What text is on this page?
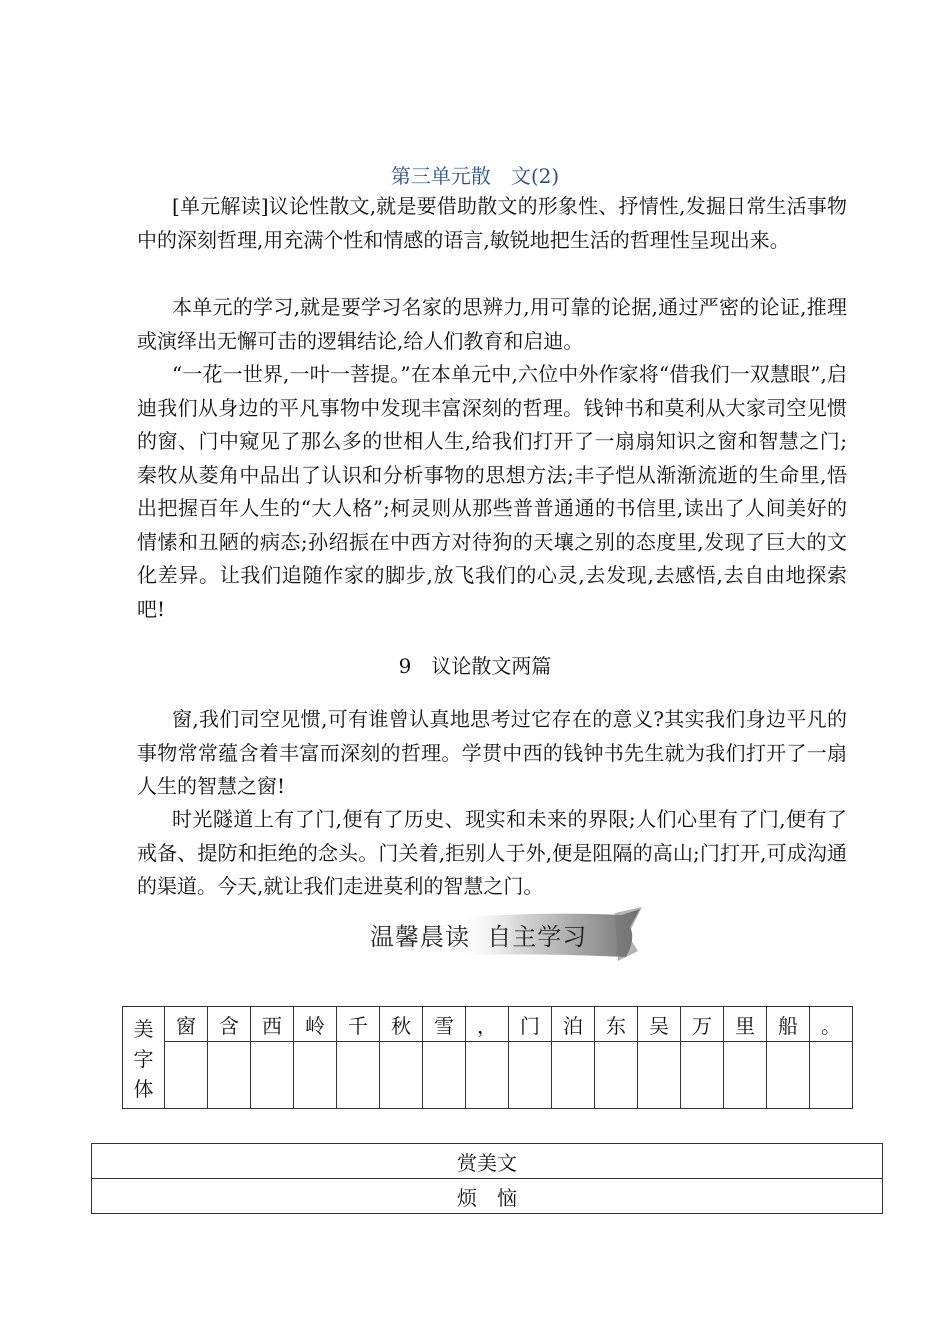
第三单元散　文(2)

[单元解读]议论性散文,就是要借助散文的形象性、抒情性,发掘日常生活事物中的深刻哲理,用充满个性和情感的语言,敏锐地把生活的哲理性呈现出来。

本单元的学习,就是要学习名家的思辨力,用可靠的论据,通过严密的论证,推理或演绎出无懈可击的逻辑结论,给人们教育和启迪。

“一花一世界,一叶一菩提。”在本单元中,六位中外作家将“借我们一双慧眼”,启迪我们从身边的平凡事物中发现丰富深刻的哲理。钱钟书和莫利从大家司空见惯的窗、门中窥见了那么多的世相人生,给我们打开了一扇扇知识之窗和智慧之门;秦牧从菱角中品出了认识和分析事物的思想方法;丰子恺从渐渐流逝的生命里,悟出把握百年人生的“大人格”;柯灵则从那些普普通通的书信里,读出了人间美好的情愫和丑陋的病态;孙绍振在中西方对待狗的天壤之别的态度里,发现了巨大的文化差异。让我们追随作家的脚步,放飞我们的心灵,去发现,去感悟,去自由地探索吧!

9　议论散文两篇

窗,我们司空见惯,可有谁曾认真地思考过它存在的意义?其实我们身边平凡的事物常常蕴含着丰富而深刻的哲理。学贯中西的钱钟书先生就为我们打开了一扇人生的智慧之窗!

时光隧道上有了门,便有了历史、现实和未来的界限;人们心里有了门,便有了戒备、提防和拒绝的念头。门关着,拒别人于外,便是阻隔的高山;门打开,可成沟通的渠道。今天,就让我们走进莫利的智慧之门。

温馨晨读  自主学习
美
字
体	窗	含	西	岭	千	秋	雪	，	门	泊	东	吴	万	里	船	。

赏美文
烦　恼
